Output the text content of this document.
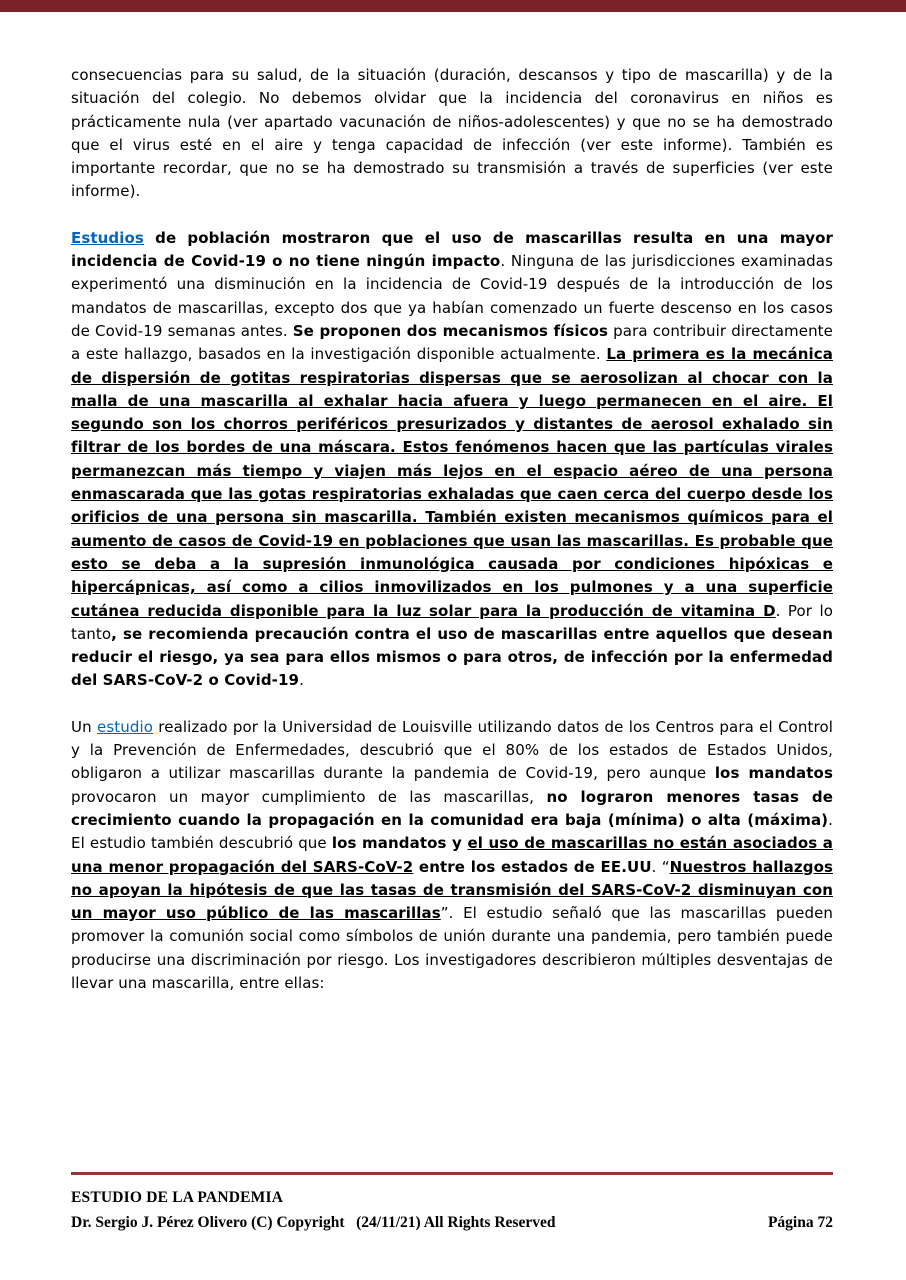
consecuencias para su salud, de la situación (duración, descansos y tipo de mascarilla) y de la situación del colegio. No debemos olvidar que la incidencia del coronavirus en niños es prácticamente nula (ver apartado vacunación de niños-adolescentes) y que no se ha demostrado que el virus esté en el aire y tenga capacidad de infección (ver este informe). También es importante recordar, que no se ha demostrado su transmisión a través de superficies (ver este informe).

Estudios de población mostraron que el uso de mascarillas resulta en una mayor incidencia de Covid-19 o no tiene ningún impacto. Ninguna de las jurisdicciones examinadas experimentó una disminución en la incidencia de Covid-19 después de la introducción de los mandatos de mascarillas, excepto dos que ya habían comenzado un fuerte descenso en los casos de Covid-19 semanas antes. Se proponen dos mecanismos físicos para contribuir directamente a este hallazgo, basados en la investigación disponible actualmente. La primera es la mecánica de dispersión de gotitas respiratorias dispersas que se aerosolizan al chocar con la malla de una mascarilla al exhalar hacia afuera y luego permanecen en el aire. El segundo son los chorros periféricos presurizados y distantes de aerosol exhalado sin filtrar de los bordes de una máscara. Estos fenómenos hacen que las partículas virales permanezcan más tiempo y viajen más lejos en el espacio aéreo de una persona enmascarada que las gotas respiratorias exhaladas que caen cerca del cuerpo desde los orificios de una persona sin mascarilla. También existen mecanismos químicos para el aumento de casos de Covid-19 en poblaciones que usan las mascarillas. Es probable que esto se deba a la supresión inmunológica causada por condiciones hipóxicas e hipercápnicas, así como a cilios inmovilizados en los pulmones y a una superficie cutánea reducida disponible para la luz solar para la producción de vitamina D. Por lo tanto, se recomienda precaución contra el uso de mascarillas entre aquellos que desean reducir el riesgo, ya sea para ellos mismos o para otros, de infección por la enfermedad del SARS-CoV-2 o Covid-19.

Un estudio realizado por la Universidad de Louisville utilizando datos de los Centros para el Control y la Prevención de Enfermedades, descubrió que el 80% de los estados de Estados Unidos, obligaron a utilizar mascarillas durante la pandemia de Covid-19, pero aunque los mandatos provocaron un mayor cumplimiento de las mascarillas, no lograron menores tasas de crecimiento cuando la propagación en la comunidad era baja (mínima) o alta (máxima). El estudio también descubrió que los mandatos y el uso de mascarillas no están asociados a una menor propagación del SARS-CoV-2 entre los estados de EE.UU. “Nuestros hallazgos no apoyan la hipótesis de que las tasas de transmisión del SARS-CoV-2 disminuyan con un mayor uso público de las mascarillas”. El estudio señaló que las mascarillas pueden promover la comunión social como símbolos de unión durante una pandemia, pero también puede producirse una discriminación por riesgo. Los investigadores describieron múltiples desventajas de llevar una mascarilla, entre ellas:

ESTUDIO DE LA PANDEMIA
Dr. Sergio J. Pérez Olivero (C) Copyright   (24/11/21) All Rights Reserved	Página 72
